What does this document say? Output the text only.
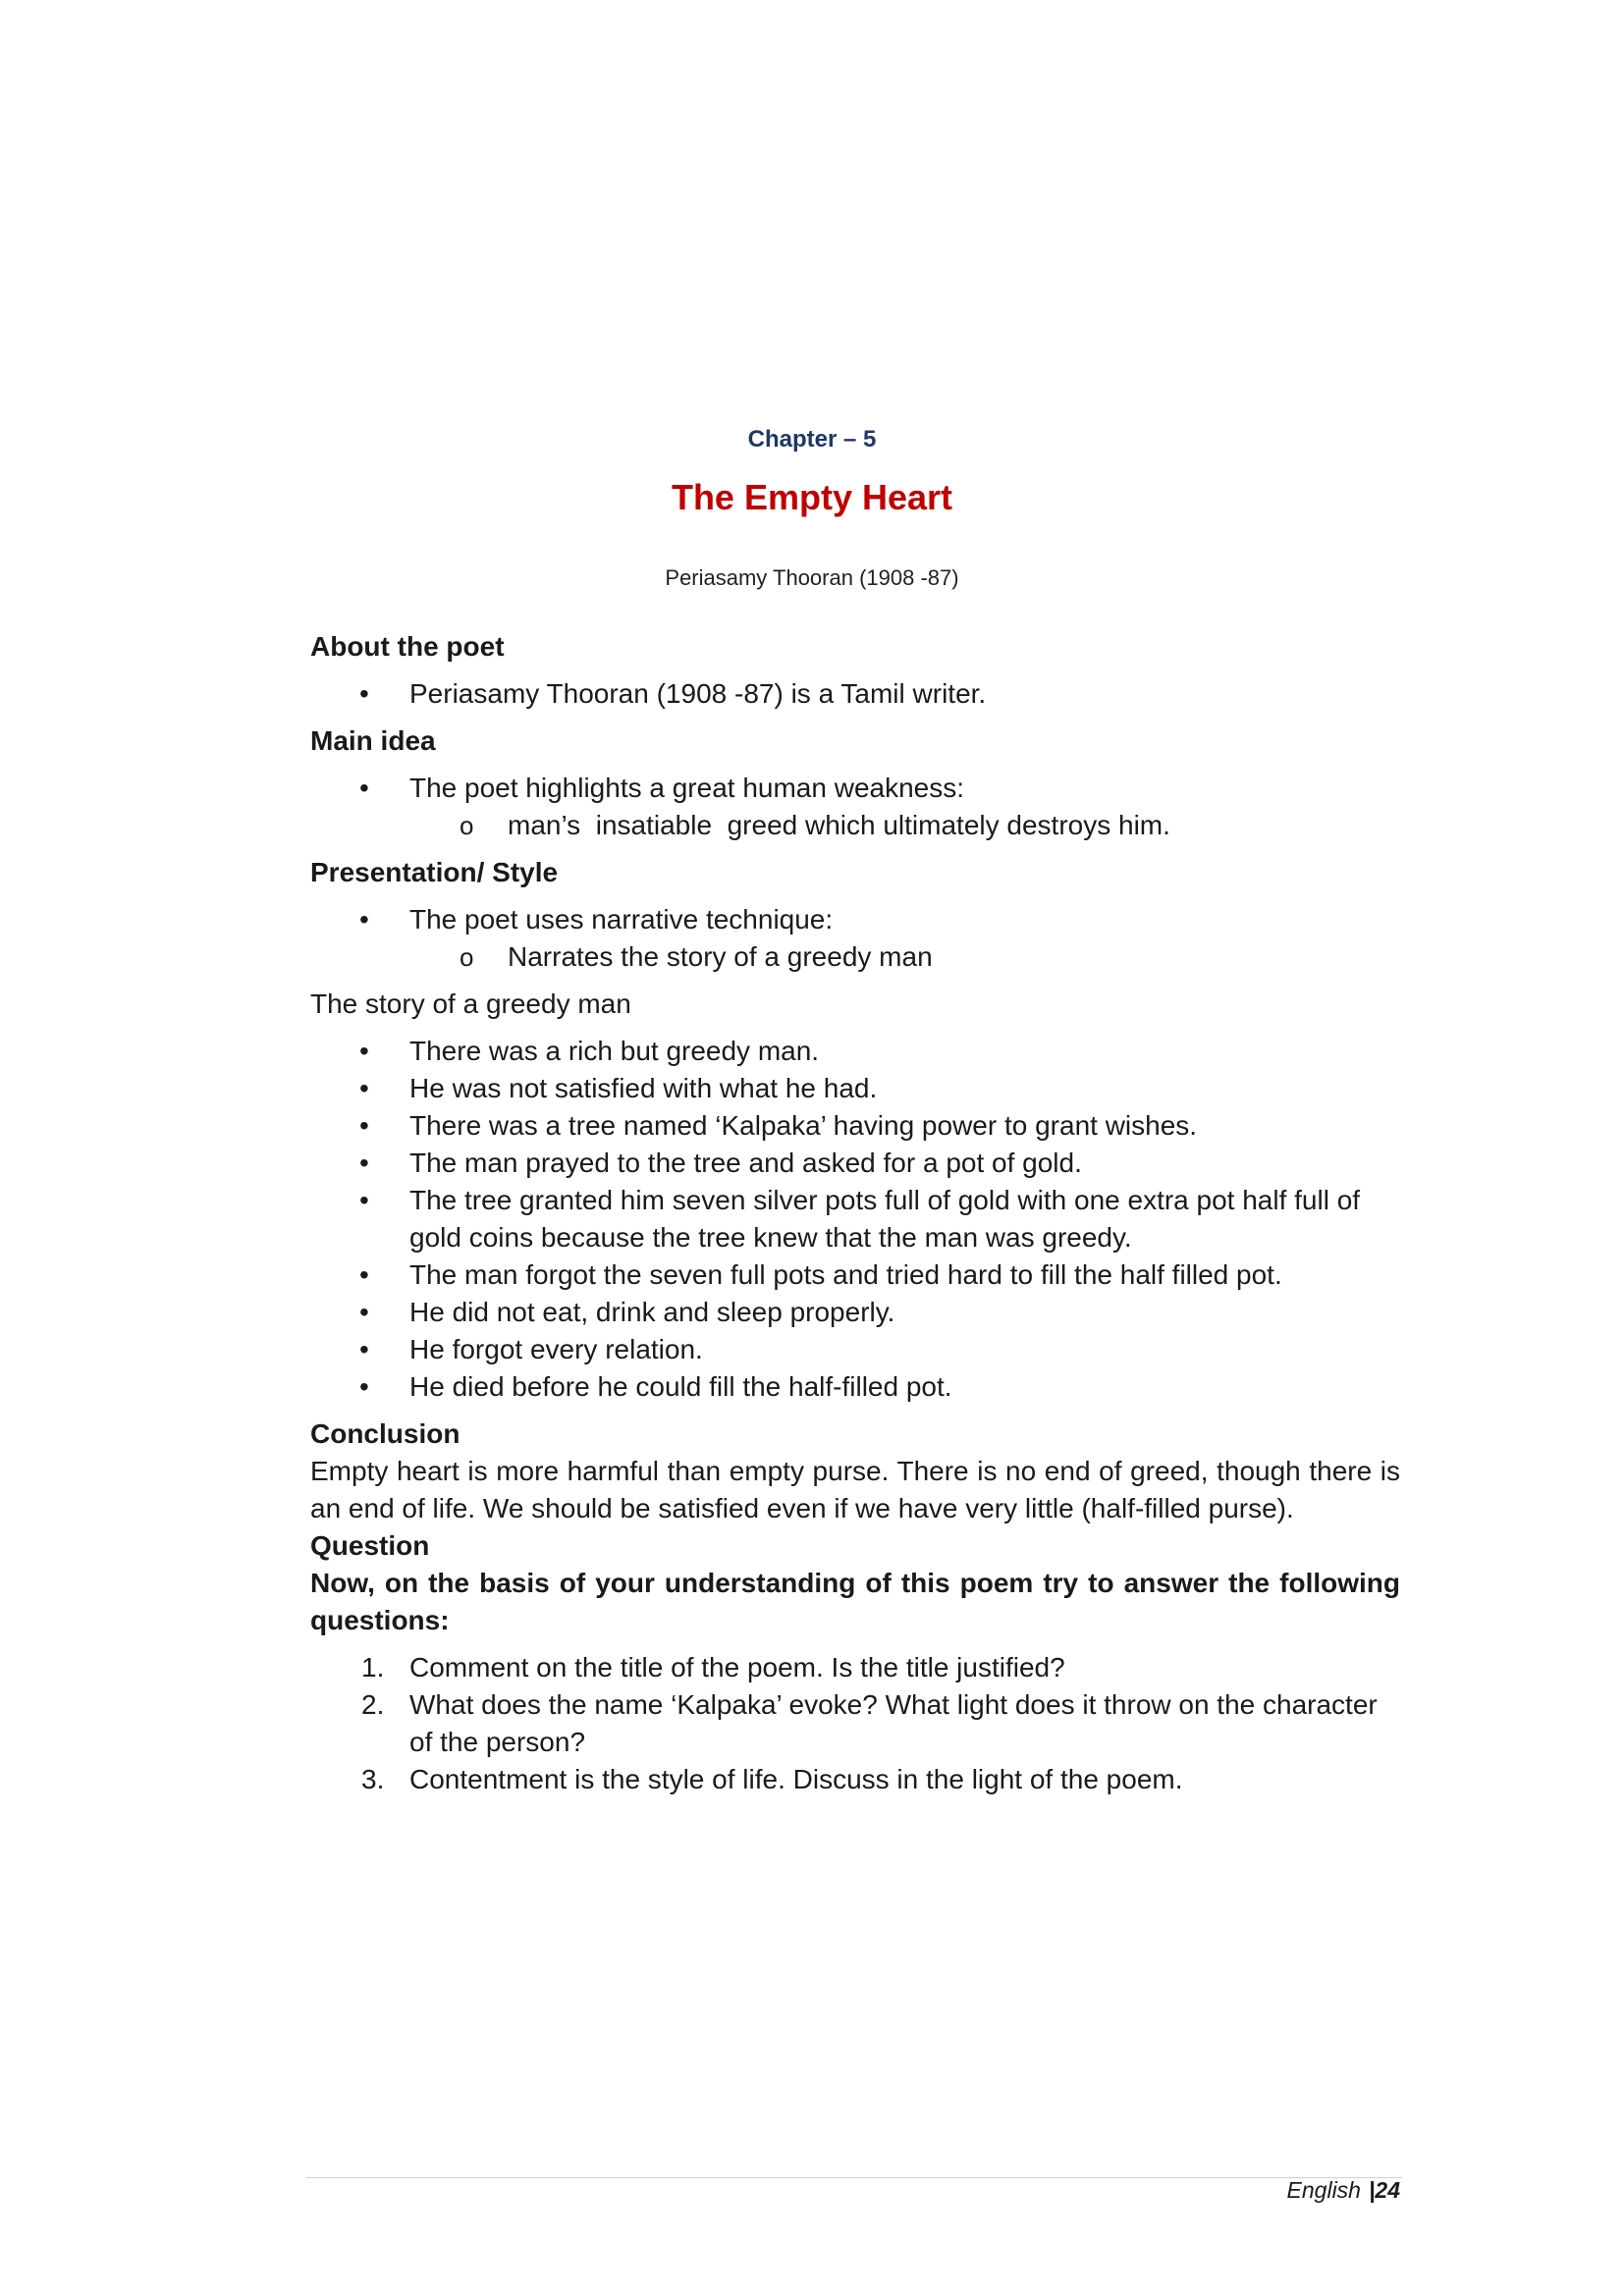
Chapter – 5
The Empty Heart
Periasamy Thooran (1908 -87)

About the poet

• Periasamy Thooran (1908 -87) is a Tamil writer.

Main idea

• The poet highlights a great human weakness:
o man’s  insatiable  greed which ultimately destroys him.

Presentation/ Style

• The poet uses narrative technique:
o Narrates the story of a greedy man

The story of a greedy man

• There was a rich but greedy man.
• He was not satisfied with what he had.
• There was a tree named ‘Kalpaka’ having power to grant wishes.
• The man prayed to the tree and asked for a pot of gold.
• The tree granted him seven silver pots full of gold with one extra pot half full of gold coins because the tree knew that the man was greedy.
• The man forgot the seven full pots and tried hard to fill the half filled pot.
• He did not eat, drink and sleep properly.
• He forgot every relation.
• He died before he could fill the half-filled pot.

Conclusion

Empty heart is more harmful than empty purse. There is no end of greed, though there is an end of life. We should be satisfied even if we have very little (half-filled purse).

Question

Now, on the basis of your understanding of this poem try to answer the following questions:

1. Comment on the title of the poem. Is the title justified?
2. What does the name ‘Kalpaka’ evoke? What light does it throw on the character of the person?
3. Contentment is the style of life. Discuss in the light of the poem.
English |24
